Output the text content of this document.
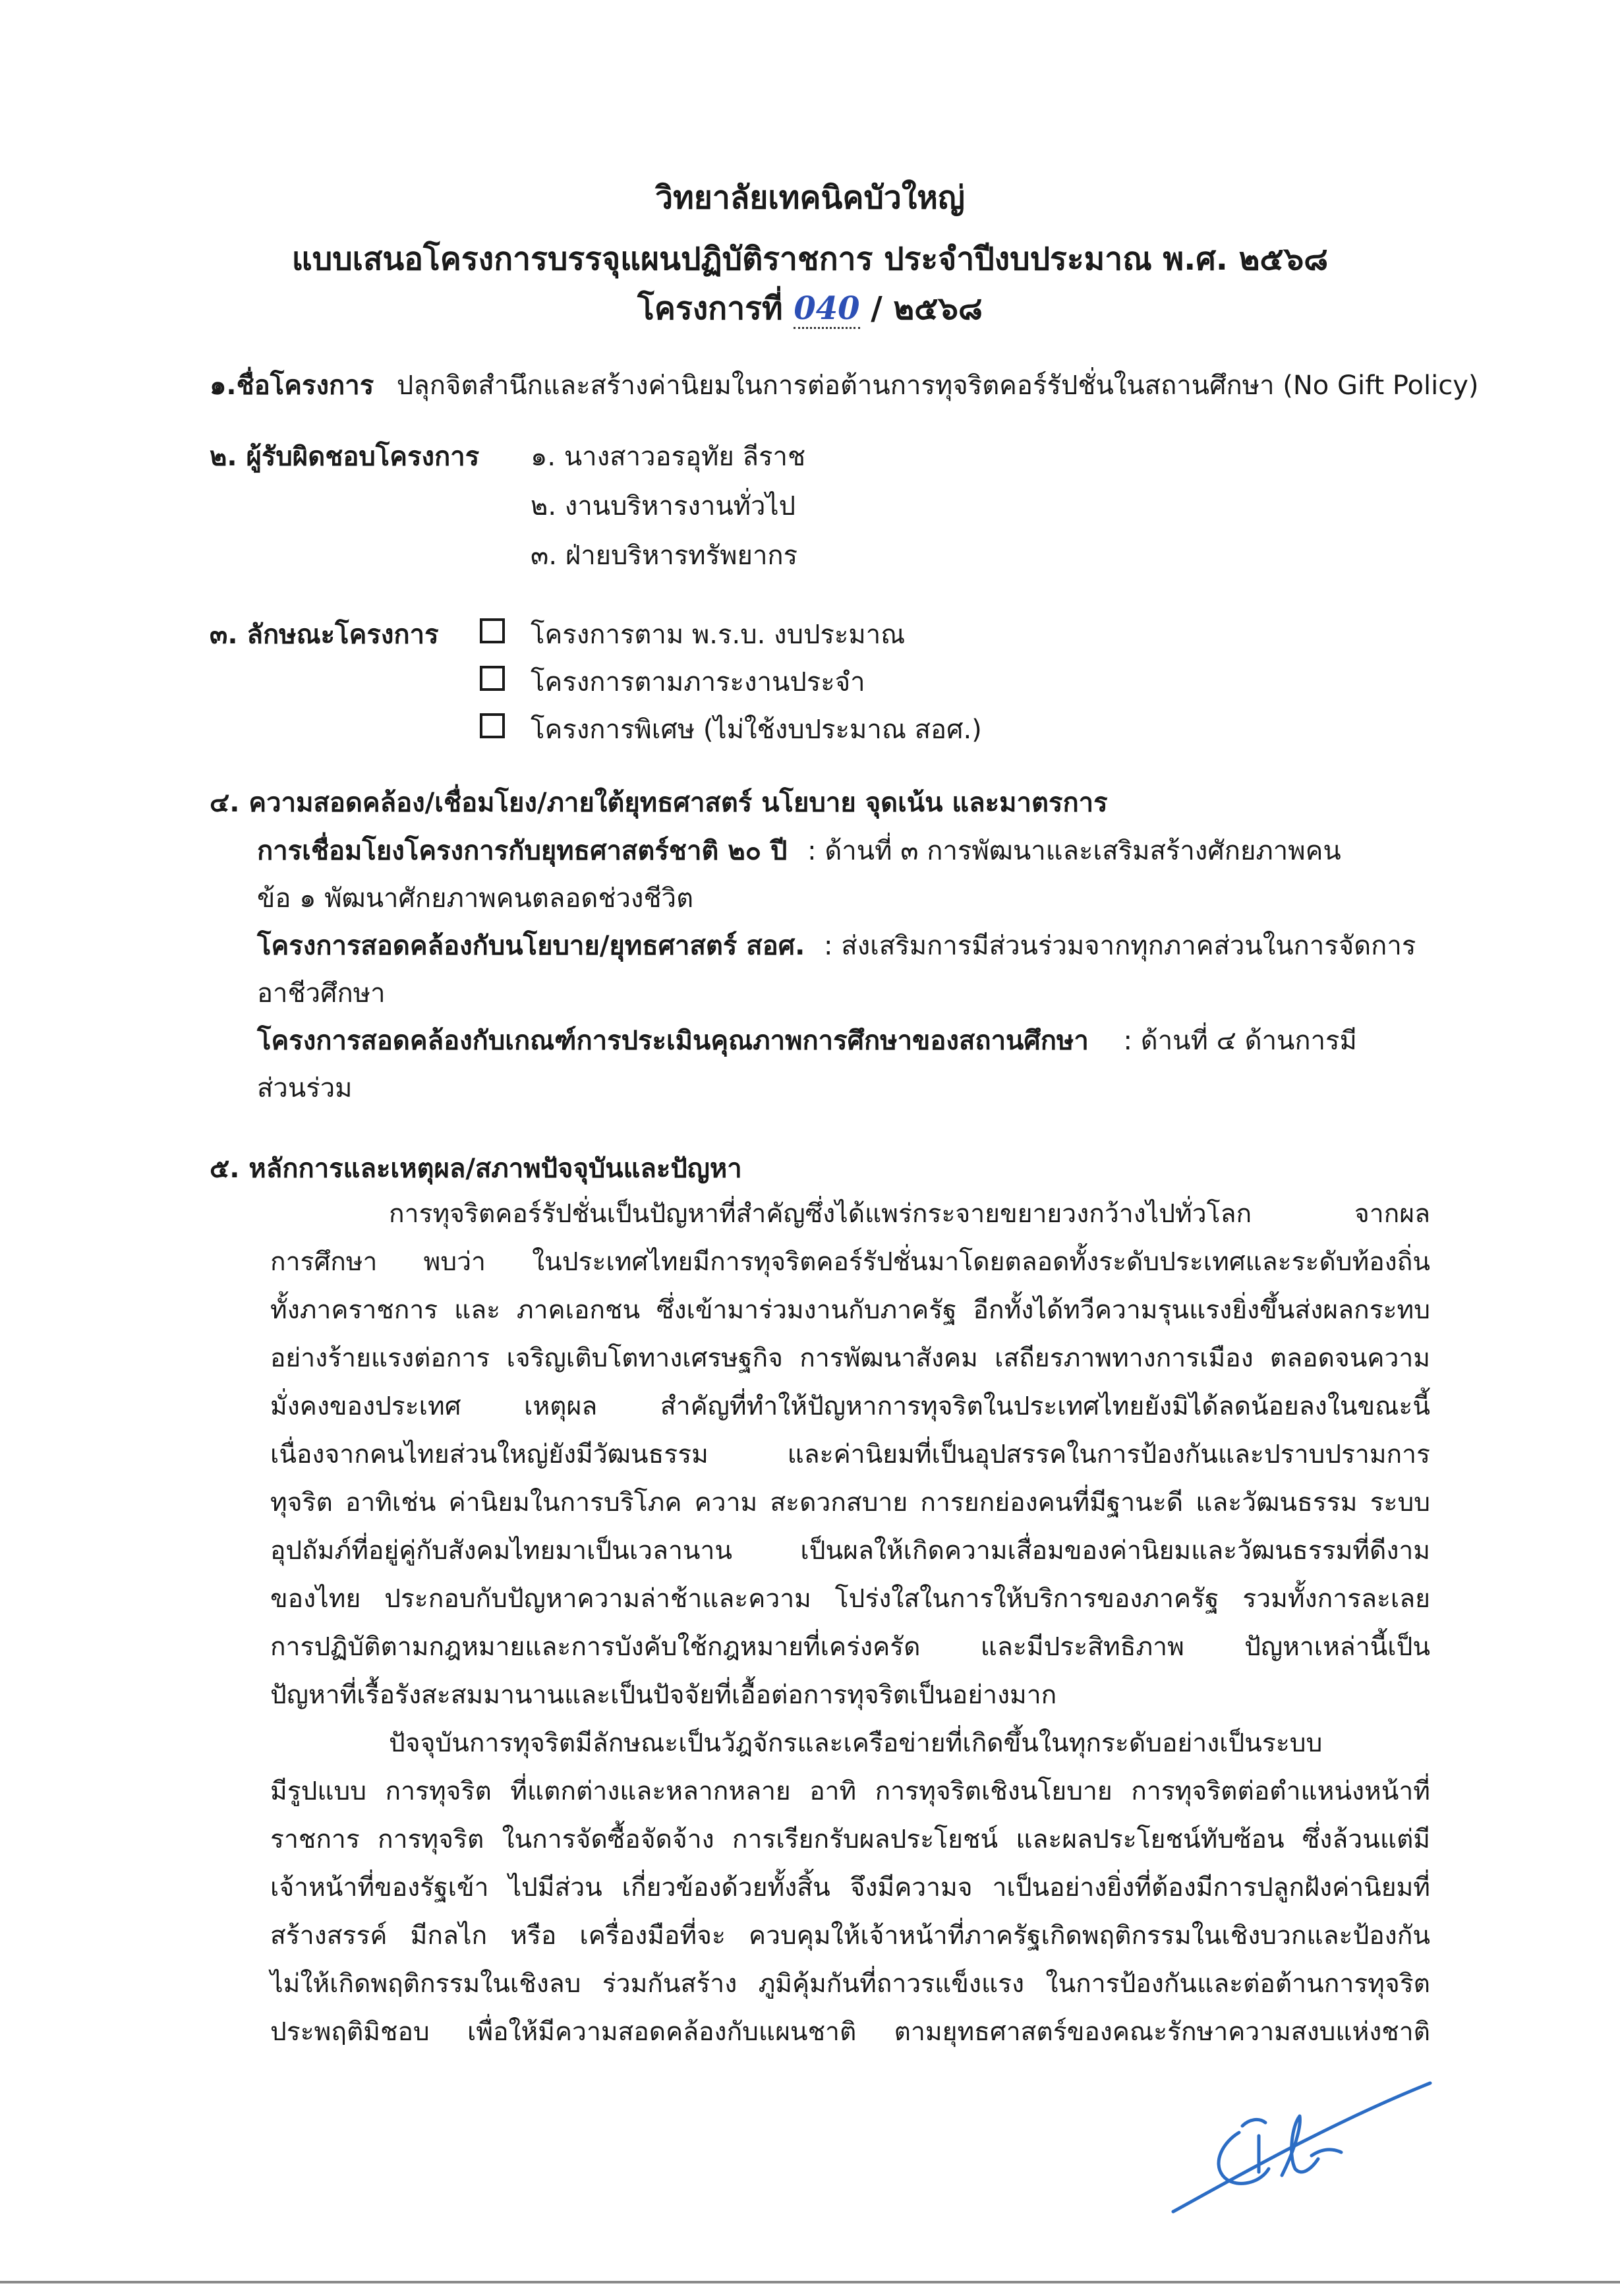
วิทยาลัยเทคนิคบัวใหญ่
แบบเสนอโครงการบรรจุแผนปฏิบัติราชการ ประจำปีงบประมาณ พ.ศ. ๒๕๖๘
โครงการที่ 040 / ๒๕๖๘
๑.ชื่อโครงการ ปลุกจิตสำนึกและสร้างค่านิยมในการต่อต้านการทุจริตคอร์รัปชั่นในสถานศึกษา (No Gift Policy)
๒. ผู้รับผิดชอบโครงการ ๑. นางสาวอรอุทัย ลีราช
๒. งานบริหารงานทั่วไป
๓. ฝ่ายบริหารทรัพยากร
๓. ลักษณะโครงการ	โครงการตาม พ.ร.บ. งบประมาณ
โครงการตามภาระงานประจำ
โครงการพิเศษ (ไม่ใช้งบประมาณ สอศ.)
๔. ความสอดคล้อง/เชื่อมโยง/ภายใต้ยุทธศาสตร์ นโยบาย จุดเน้น และมาตรการ
การเชื่อมโยงโครงการกับยุทธศาสตร์ชาติ ๒๐ ปี : ด้านที่ ๓ การพัฒนาและเสริมสร้างศักยภาพคน
ข้อ ๑ พัฒนาศักยภาพคนตลอดช่วงชีวิต
โครงการสอดคล้องกับนโยบาย/ยุทธศาสตร์ สอศ. : ส่งเสริมการมีส่วนร่วมจากทุกภาคส่วนในการจัดการ
อาชีวศึกษา
โครงการสอดคล้องกับเกณฑ์การประเมินคุณภาพการศึกษาของสถานศึกษา : ด้านที่ ๔ ด้านการมี
ส่วนร่วม
๕. หลักการและเหตุผล/สภาพปัจจุบันและปัญหา
การทุจริตคอร์รัปชั่นเป็นปัญหาที่สำคัญซึ่งได้แพร่กระจายขยายวงกว้างไปทั่วโลก จากผล
การศึกษา พบว่า ในประเทศไทยมีการทุจริตคอร์รัปชั่นมาโดยตลอดทั้งระดับประเทศและระดับท้องถิ่น
ทั้งภาคราชการ และ ภาคเอกชน ซึ่งเข้ามาร่วมงานกับภาครัฐ อีกทั้งได้ทวีความรุนแรงยิ่งขึ้นส่งผลกระทบ
อย่างร้ายแรงต่อการ เจริญเติบโตทางเศรษฐกิจ การพัฒนาสังคม เสถียรภาพทางการเมือง ตลอดจนความ
มั่งคงของประเทศ เหตุผล สำคัญที่ทำให้ปัญหาการทุจริตในประเทศไทยยังมิได้ลดน้อยลงในขณะนี้
เนื่องจากคนไทยส่วนใหญ่ยังมีวัฒนธรรม และค่านิยมที่เป็นอุปสรรคในการป้องกันและปราบปรามการ
ทุจริต อาทิเช่น ค่านิยมในการบริโภค ความ สะดวกสบาย การยกย่องคนที่มีฐานะดี และวัฒนธรรม ระบบ
อุปถัมภ์ที่อยู่คู่กับสังคมไทยมาเป็นเวลานาน เป็นผลให้เกิดความเสื่อมของค่านิยมและวัฒนธรรมที่ดีงาม
ของไทย ประกอบกับปัญหาความล่าช้าและความ โปร่งใสในการให้บริการของภาครัฐ รวมทั้งการละเลย
การปฏิบัติตามกฎหมายและการบังคับใช้กฎหมายที่เคร่งครัด และมีประสิทธิภาพ ปัญหาเหล่านี้เป็น
ปัญหาที่เรื้อรังสะสมมานานและเป็นปัจจัยที่เอื้อต่อการทุจริตเป็นอย่างมาก
ปัจจุบันการทุจริตมีลักษณะเป็นวัฎจักรและเครือข่ายที่เกิดขึ้นในทุกระดับอย่างเป็นระบบ
มีรูปแบบ การทุจริต ที่แตกต่างและหลากหลาย อาทิ การทุจริตเชิงนโยบาย การทุจริตต่อตำแหน่งหน้าที่
ราชการ การทุจริต ในการจัดซื้อจัดจ้าง การเรียกรับผลประโยชน์ และผลประโยชน์ทับซ้อน ซึ่งล้วนแต่มี
เจ้าหน้าที่ของรัฐเข้า ไปมีส่วน เกี่ยวข้องด้วยทั้งสิ้น จึงมีความจ าเป็นอย่างยิ่งที่ต้องมีการปลูกฝังค่านิยมที่
สร้างสรรค์ มีกลไก หรือ เครื่องมือที่จะ ควบคุมให้เจ้าหน้าที่ภาครัฐเกิดพฤติกรรมในเชิงบวกและป้องกัน
ไม่ให้เกิดพฤติกรรมในเชิงลบ ร่วมกันสร้าง ภูมิคุ้มกันที่ถาวรแข็งแรง ในการป้องกันและต่อต้านการทุจริต
ประพฤติมิชอบ เพื่อให้มีความสอดคล้องกับแผนชาติ ตามยุทธศาสตร์ของคณะรักษาความสงบแห่งชาติ
